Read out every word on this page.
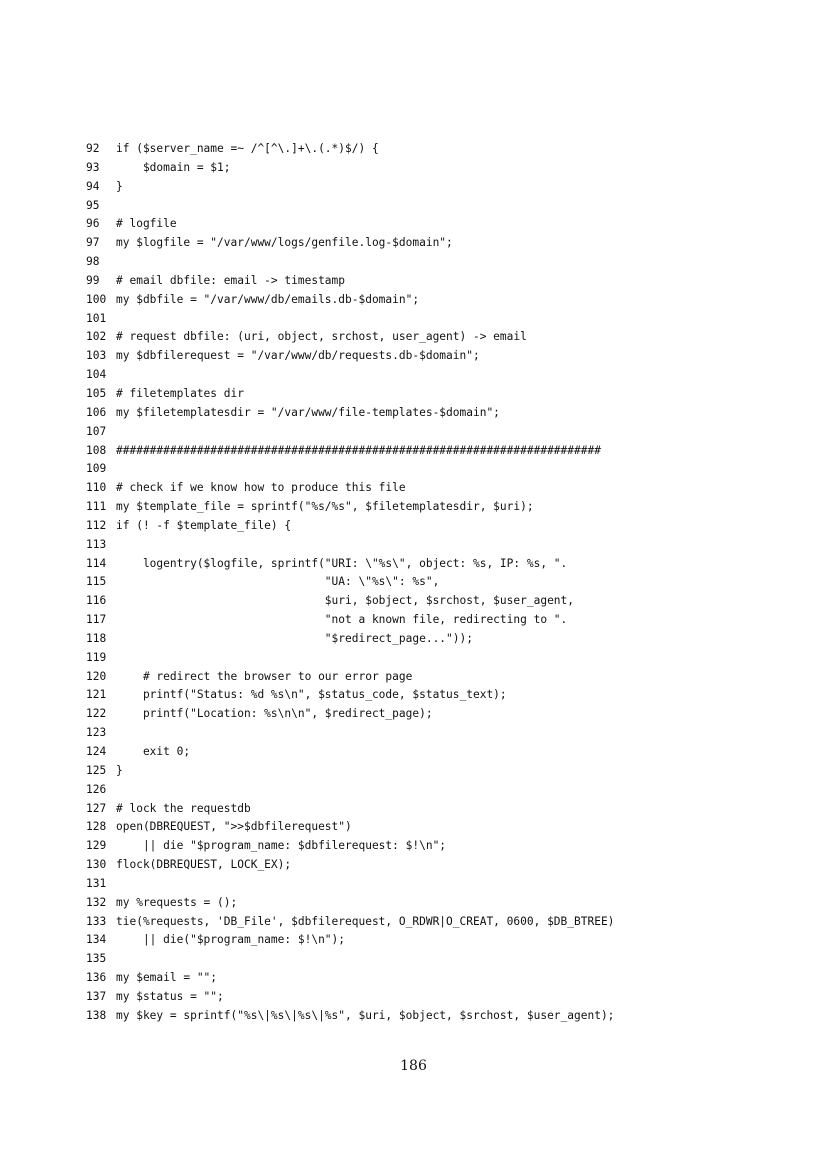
92	if ($server_name =~ /^[^\.]+\.(.*)$/) {
93	$domain = $1;
94	}
95
96	# logfile
97	my $logfile = "/var/www/logs/genfile.log-$domain";
98
99	# email dbfile: email -> timestamp
100 my $dbfile = "/var/www/db/emails.db-$domain";
101
102 # request dbfile: (uri, object, srchost, user_agent) -> email
103 my $dbfilerequest = "/var/www/db/requests.db-$domain";
104
105 # filetemplates dir
106 my $filetemplatesdir = "/var/www/file-templates-$domain";
107
108 ########################################################################
109
110 # check if we know how to produce this file
111 my $template_file = sprintf("%s/%s", $filetemplatesdir, $uri);
112 if (! -f $template_file) {
113
114 logentry($logfile, sprintf("URI: \"%s\", object: %s, IP: %s, ".
115 "UA: \"%s\": %s",
116 $uri, $object, $srchost, $user_agent,
117 "not a known file, redirecting to ".
118 "$redirect_page..."));
119
120 # redirect the browser to our error page
121 printf("Status: %d %s\n", $status_code, $status_text);
122 printf("Location: %s\n\n", $redirect_page);
123
124 exit 0;
125 }
126
127 # lock the requestdb
128 open(DBREQUEST, ">>$dbfilerequest")
129 || die "$program_name: $dbfilerequest: $!\n";
130 flock(DBREQUEST, LOCK_EX);
131
132 my %requests = ();
133 tie(%requests, 'DB_File', $dbfilerequest, O_RDWR|O_CREAT, 0600, $DB_BTREE)
134 || die("$program_name: $!\n");
135
136 my $email = "";
137 my $status = "";
138 my $key = sprintf("%s\|%s\|%s\|%s", $uri, $object, $srchost, $user_agent);
186
